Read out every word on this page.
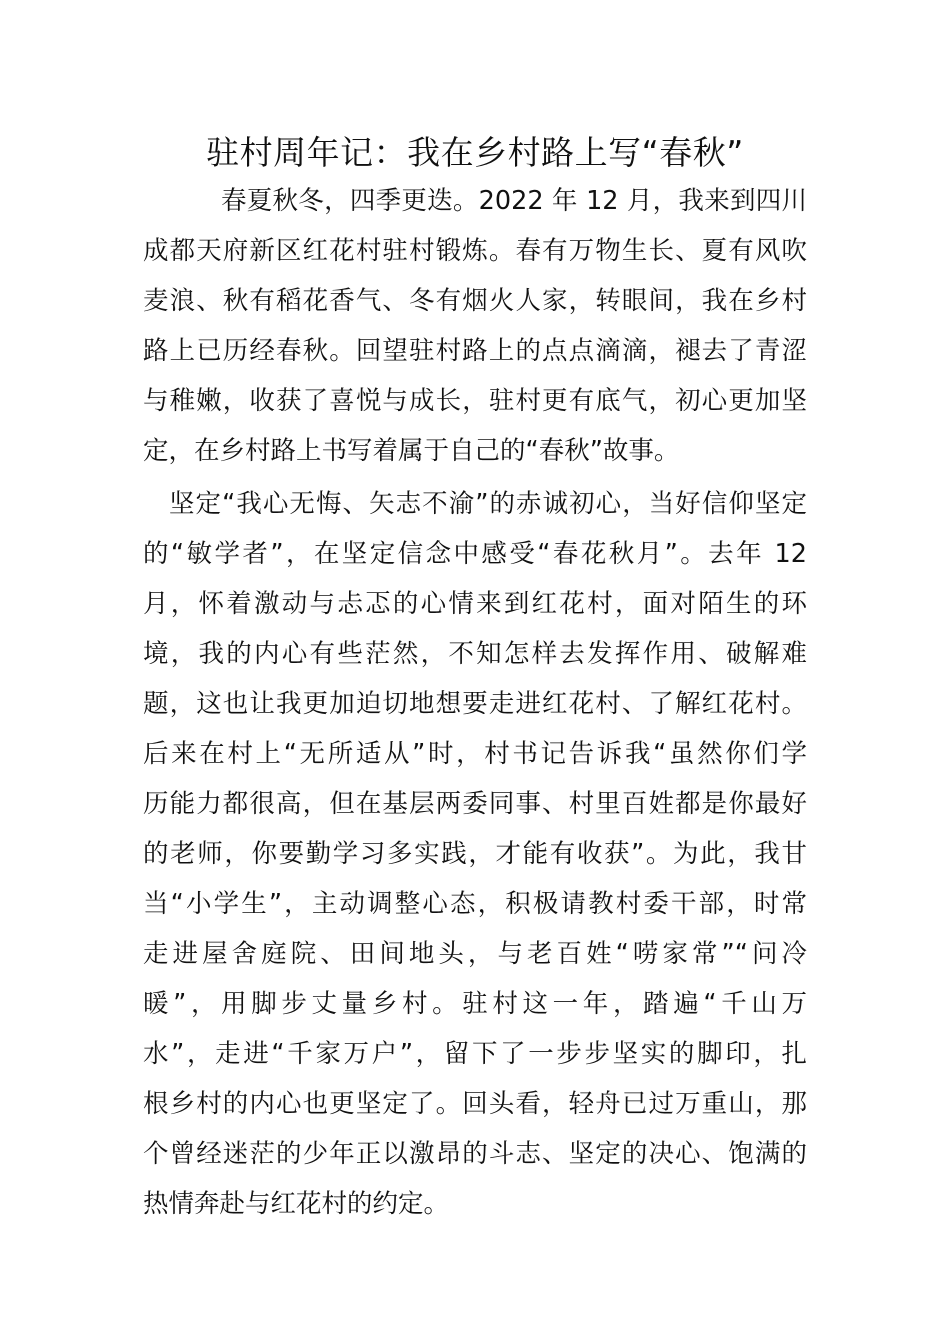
驻村周年记：我在乡村路上写“春秋”
春夏秋冬，四季更迭。2022 年 12 月，我来到四川
成都天府新区红花村驻村锻炼。春有万物生长、夏有风吹
麦浪、秋有稻花香气、冬有烟火人家，转眼间，我在乡村
路上已历经春秋。回望驻村路上的点点滴滴，褪去了青涩
与稚嫩，收获了喜悦与成长，驻村更有底气，初心更加坚
定，在乡村路上书写着属于自己的“春秋”故事。
坚定“我心无悔、矢志不渝”的赤诚初心，当好信仰坚定
的“敏学者”，在坚定信念中感受“春花秋月”。去年 12
月，怀着激动与忐忑的心情来到红花村，面对陌生的环
境，我的内心有些茫然，不知怎样去发挥作用、破解难
题，这也让我更加迫切地想要走进红花村、了解红花村。
后来在村上“无所适从”时，村书记告诉我“虽然你们学
历能力都很高，但在基层两委同事、村里百姓都是你最好
的老师，你要勤学习多实践，才能有收获”。为此，我甘
当“小学生”，主动调整心态，积极请教村委干部，时常
走进屋舍庭院、田间地头，与老百姓“唠家常”“问冷
暖”，用脚步丈量乡村。驻村这一年，踏遍“千山万
水”，走进“千家万户”，留下了一步步坚实的脚印，扎
根乡村的内心也更坚定了。回头看，轻舟已过万重山，那
个曾经迷茫的少年正以激昂的斗志、坚定的决心、饱满的
热情奔赴与红花村的约定。
